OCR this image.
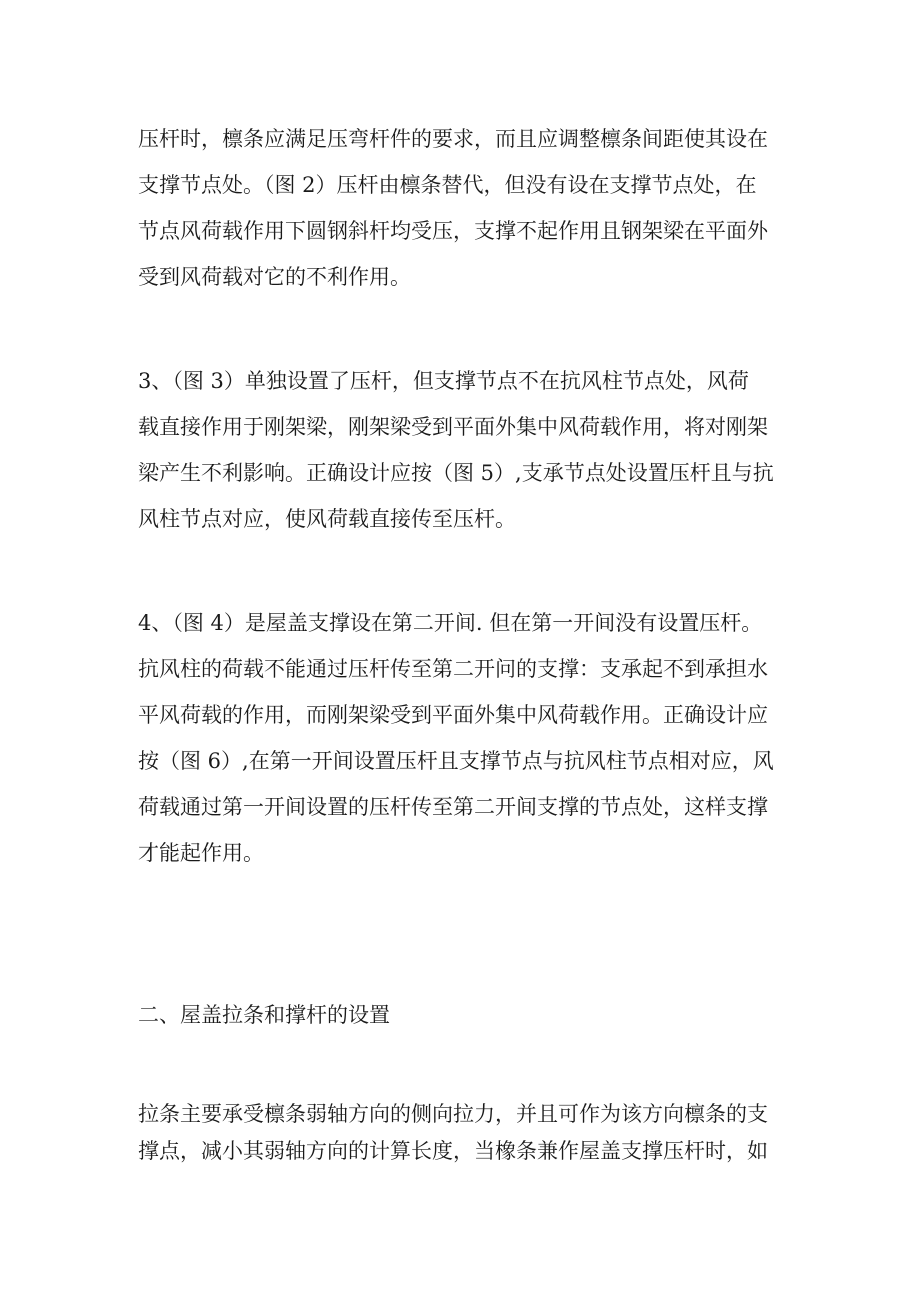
压杆时，檩条应满足压弯杆件的要求，而且应调整檩条间距使其设在
支撑节点处。（图 2）压杆由檩条替代，但没有设在支撑节点处，在
节点风荷载作用下圆钢斜杆均受压，支撑不起作用且钢架梁在平面外
受到风荷载对它的不利作用。

3、（图 3）单独设置了压杆，但支撑节点不在抗风柱节点处，风荷
载直接作用于刚架梁，刚架梁受到平面外集中风荷载作用，将对刚架
梁产生不利影响。正确设计应按（图 5）,支承节点处设置压杆且与抗
风柱节点对应，使风荷载直接传至压杆。

4、（图 4）是屋盖支撑设在第二开间. 但在第一开间没有设置压杆。
抗风柱的荷载不能通过压杆传至第二开问的支撑：支承起不到承担水
平风荷载的作用，而刚架梁受到平面外集中风荷载作用。正确设计应
按（图 6）,在第一开间设置压杆且支撑节点与抗风柱节点相对应，风
荷载通过第一开间设置的压杆传至第二开间支撑的节点处，这样支撑
才能起作用。

二、屋盖拉条和撑杆的设置

拉条主要承受檩条弱轴方向的侧向拉力，并且可作为该方向檩条的支
撑点，减小其弱轴方向的计算长度，当橡条兼作屋盖支撑压杆时，如
